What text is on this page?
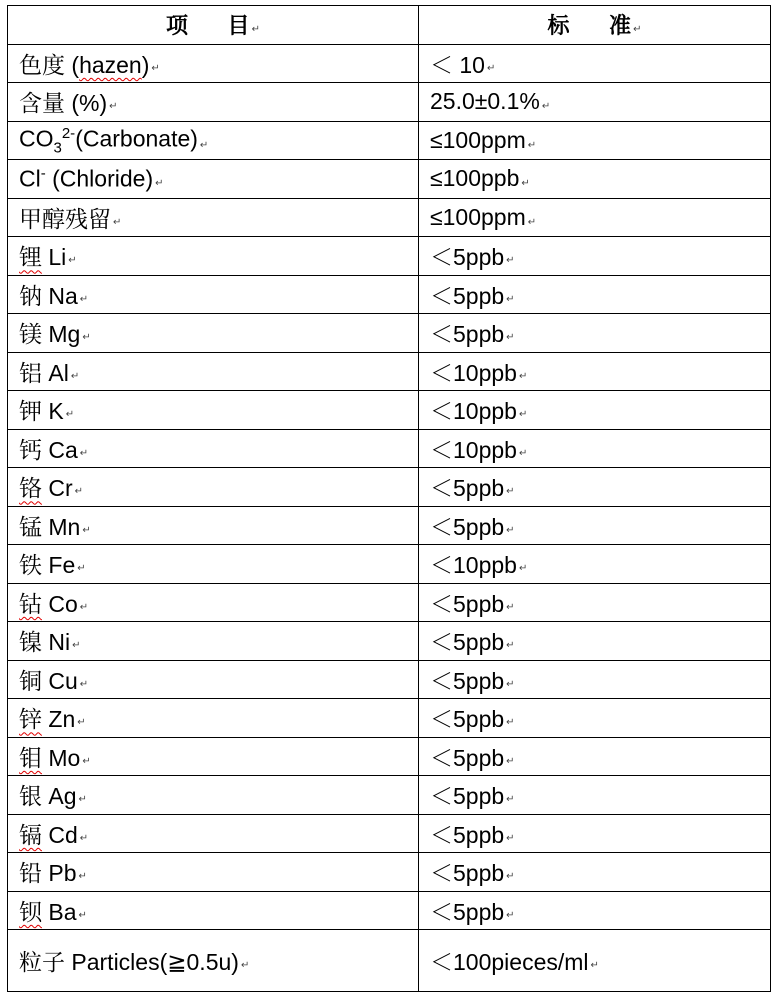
项 目 ↵	标 准
↵
色度 (hazen) ↵	＜ 10
↵
含量 (%) ↵	25.0±0.1%
↵
$CO_3^{2-}(Carbonate)$ ↵	≤100ppm
↵
Cl- (Chloride) ↵	≤100ppb
↵
甲醇残留 ↵	≤100ppm
↵
锂 Li ↵	＜5ppb
↵
钠 Na ↵	＜5ppb
↵
镁 Mg ↵	＜5ppb
↵
铝 Al ↵	＜10ppb
↵
钾 K ↵	＜10ppb
↵
钙 Ca ↵	＜10ppb
↵
铬 Cr ↵	＜5ppb
↵
锰 Mn ↵	＜5ppb
↵
铁 Fe ↵	＜10ppb
↵
钴 Co ↵	＜5ppb
↵
镍 Ni ↵	＜5ppb
↵
铜 Cu ↵	＜5ppb
↵
锌 Zn ↵	＜5ppb
↵
钼 Mo ↵	＜5ppb
↵
银 Ag ↵	＜5ppb
↵
镉 Cd ↵	＜5ppb
↵
铅 Pb ↵	＜5ppb
↵
钡 Ba ↵	＜5ppb
↵
粒子 Particles(≧0.5u) ↵	＜100pieces/ml
↵
